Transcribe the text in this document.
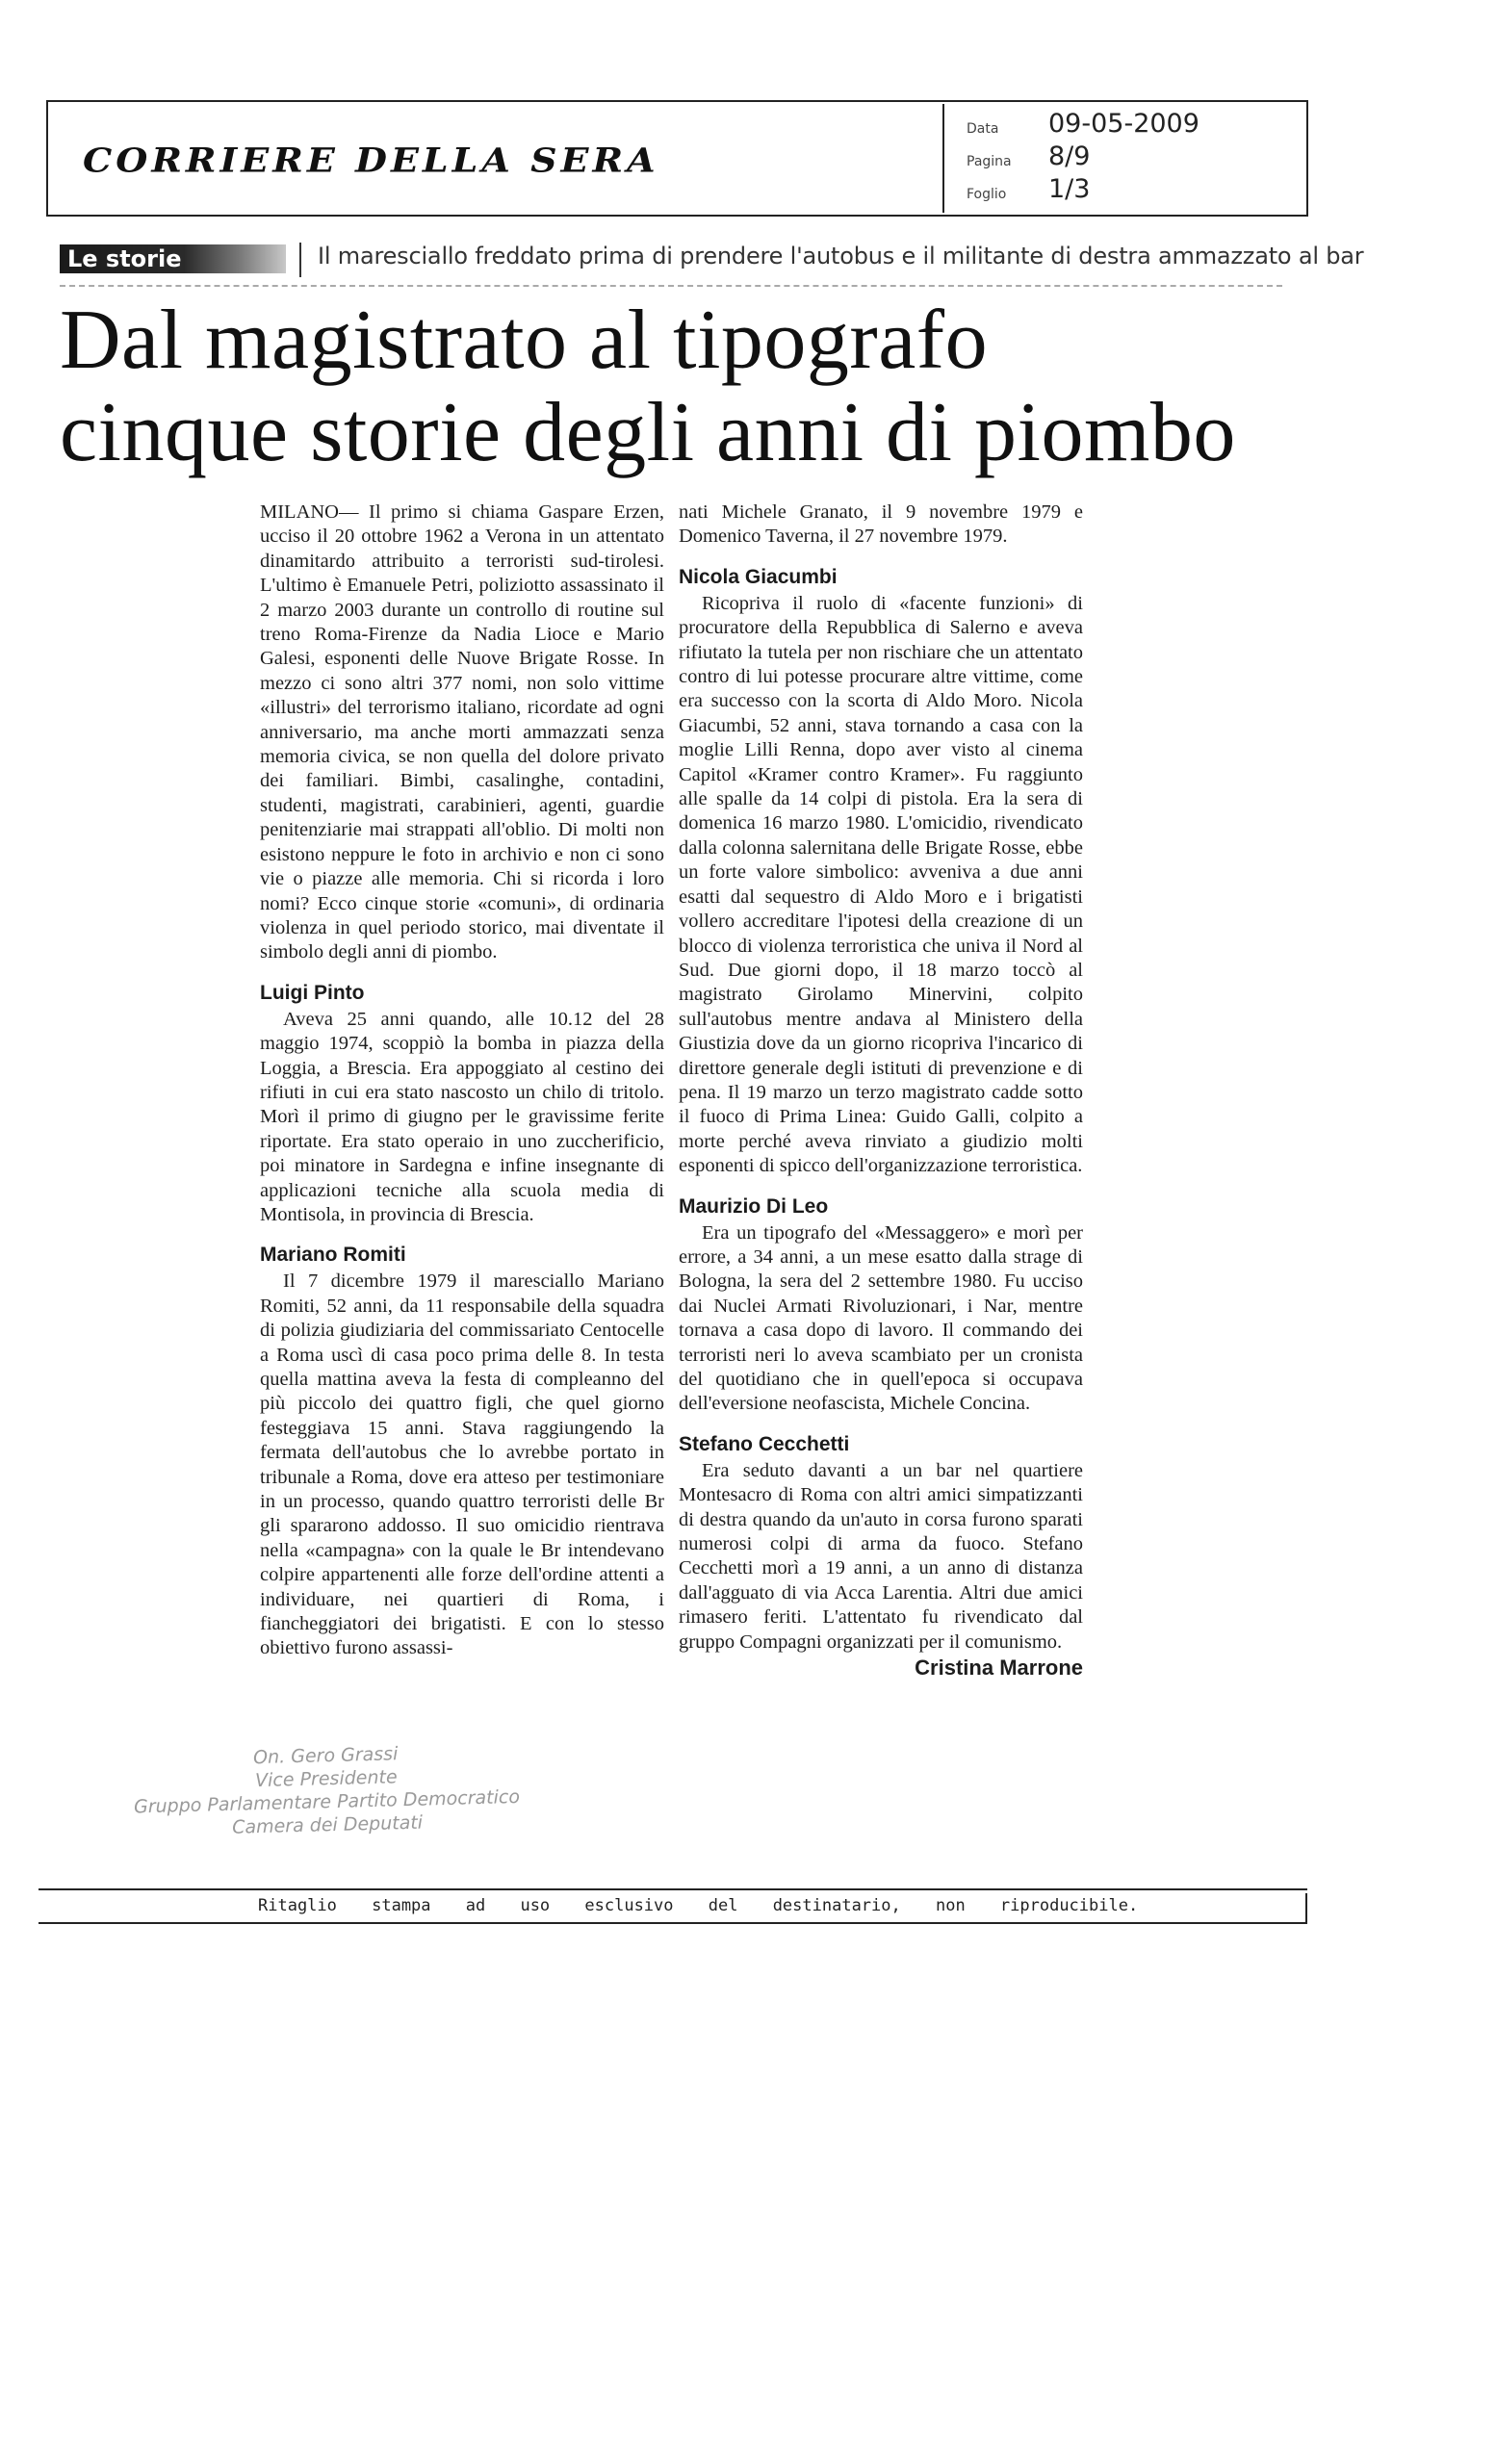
CORRIERE DELLA SERA
Data 09-05-2009
Pagina 8/9
Foglio 1/3
Le storie	Il maresciallo freddato prima di prendere l'autobus e il militante di destra ammazzato al bar
Dal magistrato al tipografo
cinque storie degli anni di piombo

MILANO— Il primo si chiama Gaspare Erzen, ucciso il 20 ottobre 1962 a Verona in un attentato dinamitardo attribuito a terroristi sud-tirolesi. L'ultimo è Emanuele Petri, poliziotto assassinato il 2 marzo 2003 durante un controllo di routine sul treno Roma-Firenze da Nadia Lioce e Mario Galesi, esponenti delle Nuove Brigate Rosse. In mezzo ci sono altri 377 nomi, non solo vittime «illustri» del terrorismo italiano, ricordate ad ogni anniversario, ma anche morti ammazzati senza memoria civica, se non quella del dolore privato dei familiari. Bimbi, casalinghe, contadini, studenti, magistrati, carabinieri, agenti, guardie penitenziarie mai strappati all'oblio. Di molti non esistono neppure le foto in archivio e non ci sono vie o piazze alle memoria. Chi si ricorda i loro nomi? Ecco cinque storie «comuni», di ordinaria violenza in quel periodo storico, mai diventate il simbolo degli anni di piombo.

Luigi Pinto

Aveva 25 anni quando, alle 10.12 del 28 maggio 1974, scoppiò la bomba in piazza della Loggia, a Brescia. Era appoggiato al cestino dei rifiuti in cui era stato nascosto un chilo di tritolo. Morì il primo di giugno per le gravissime ferite riportate. Era stato operaio in uno zuccherificio, poi minatore in Sardegna e infine insegnante di applicazioni tecniche alla scuola media di Montisola, in provincia di Brescia.

Mariano Romiti

Il 7 dicembre 1979 il maresciallo Mariano Romiti, 52 anni, da 11 responsabile della squadra di polizia giudiziaria del commissariato Centocelle a Roma uscì di casa poco prima delle 8. In testa quella mattina aveva la festa di compleanno del più piccolo dei quattro figli, che quel giorno festeggiava 15 anni. Stava raggiungendo la fermata dell'autobus che lo avrebbe portato in tribunale a Roma, dove era atteso per testimoniare in un processo, quando quattro terroristi delle Br gli spararono addosso. Il suo omicidio rientrava nella «campagna» con la quale le Br intendevano colpire appartenenti alle forze dell'ordine attenti a individuare, nei quartieri di Roma, i fiancheggiatori dei brigatisti. E con lo stesso obiettivo furono assassi-

nati Michele Granato, il 9 novembre 1979 e Domenico Taverna, il 27 novembre 1979.

Nicola Giacumbi

Ricopriva il ruolo di «facente funzioni» di procuratore della Repubblica di Salerno e aveva rifiutato la tutela per non rischiare che un attentato contro di lui potesse procurare altre vittime, come era successo con la scorta di Aldo Moro. Nicola Giacumbi, 52 anni, stava tornando a casa con la moglie Lilli Renna, dopo aver visto al cinema Capitol «Kramer contro Kramer». Fu raggiunto alle spalle da 14 colpi di pistola. Era la sera di domenica 16 marzo 1980. L'omicidio, rivendicato dalla colonna salernitana delle Brigate Rosse, ebbe un forte valore simbolico: avveniva a due anni esatti dal sequestro di Aldo Moro e i brigatisti vollero accreditare l'ipotesi della creazione di un blocco di violenza terroristica che univa il Nord al Sud. Due giorni dopo, il 18 marzo toccò al magistrato Girolamo Minervini, colpito sull'autobus mentre andava al Ministero della Giustizia dove da un giorno ricopriva l'incarico di direttore generale degli istituti di prevenzione e di pena. Il 19 marzo un terzo magistrato cadde sotto il fuoco di Prima Linea: Guido Galli, colpito a morte perché aveva rinviato a giudizio molti esponenti di spicco dell'organizzazione terroristica.

Maurizio Di Leo

Era un tipografo del «Messaggero» e morì per errore, a 34 anni, a un mese esatto dalla strage di Bologna, la sera del 2 settembre 1980. Fu ucciso dai Nuclei Armati Rivoluzionari, i Nar, mentre tornava a casa dopo di lavoro. Il commando dei terroristi neri lo aveva scambiato per un cronista del quotidiano che in quell'epoca si occupava dell'eversione neofascista, Michele Concina.

Stefano Cecchetti

Era seduto davanti a un bar nel quartiere Montesacro di Roma con altri amici simpatizzanti di destra quando da un'auto in corsa furono sparati numerosi colpi di arma da fuoco. Stefano Cecchetti morì a 19 anni, a un anno di distanza dall'agguato di via Acca Larentia. Altri due amici rimasero feriti. L'attentato fu rivendicato dal gruppo Compagni organizzati per il comunismo.

Cristina Marrone
On. Gero Grassi
Vice Presidente
Gruppo Parlamentare Partito Democratico
Camera dei Deputati
Ritaglio stampa ad uso esclusivo del destinatario, non riproducibile.
